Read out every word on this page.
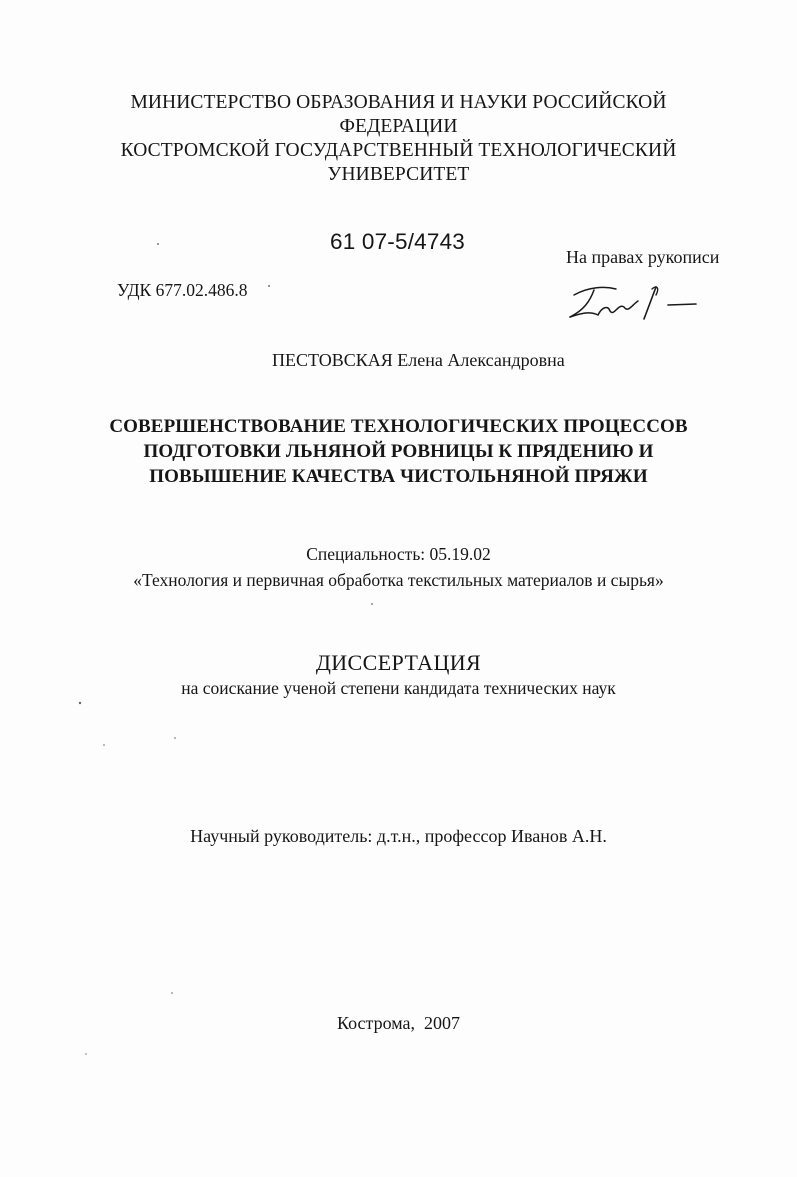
МИНИСТЕРСТВО ОБРАЗОВАНИЯ И НАУКИ РОССИЙСКОЙ
ФЕДЕРАЦИИ
КОСТРОМСКОЙ ГОСУДАРСТВЕННЫЙ ТЕХНОЛОГИЧЕСКИЙ
УНИВЕРСИТЕТ
61 07-5/4743
На правах рукописи
УДК 677.02.486.8
ПЕСТОВСКАЯ Елена Александровна
СОВЕРШЕНСТВОВАНИЕ ТЕХНОЛОГИЧЕСКИХ ПРОЦЕССОВ
ПОДГОТОВКИ ЛЬНЯНОЙ РОВНИЦЫ К ПРЯДЕНИЮ И
ПОВЫШЕНИЕ КАЧЕСТВА ЧИСТОЛЬНЯНОЙ ПРЯЖИ
Специальность: 05.19.02
«Технология и первичная обработка текстильных материалов и сырья»
ДИССЕРТАЦИЯ
на соискание ученой степени кандидата технических наук
Научный руководитель: д.т.н., профессор Иванов А.Н.
Кострома,  2007
